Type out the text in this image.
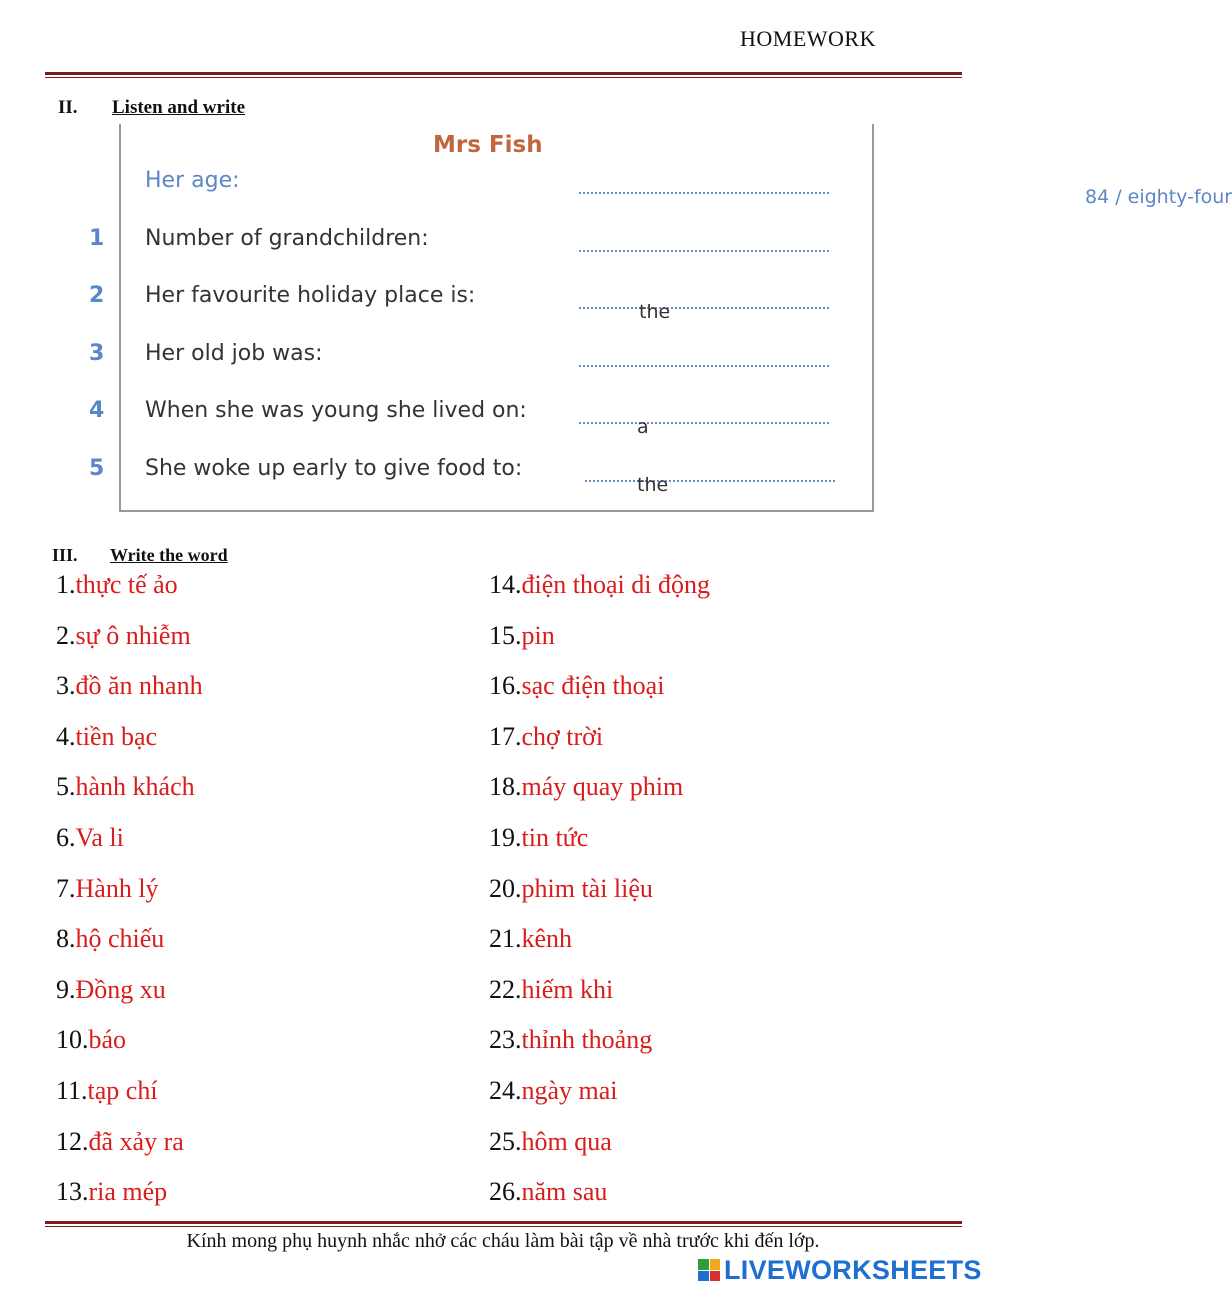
HOMEWORK
II. Listen and write
Mrs Fish
Her age:
84 / eighty-four
1 Number of grandchildren:
2 Her favourite holiday place is:
the
3 Her old job was:
4 When she was young she lived on:
a
5 She woke up early to give food to:
the
III. Write the word
1.thực tế ảo
2.sự ô nhiễm
3.đồ ăn nhanh
4.tiền bạc
5.hành khách
6.Va li
7.Hành lý
8.hộ chiếu
9.Đồng xu
10.báo
11.tạp chí
12.đã xảy ra
13.ria mép
14.điện thoại di động
15.pin
16.sạc điện thoại
17.chợ trời
18.máy quay phim
19.tin tức
20.phim tài liệu
21.kênh
22.hiếm khi
23.thỉnh thoảng
24.ngày mai
25.hôm qua
26.năm sau
Kính mong phụ huynh nhắc nhở các cháu làm bài tập về nhà trước khi đến lớp.
LIVEWORKSHEETS
